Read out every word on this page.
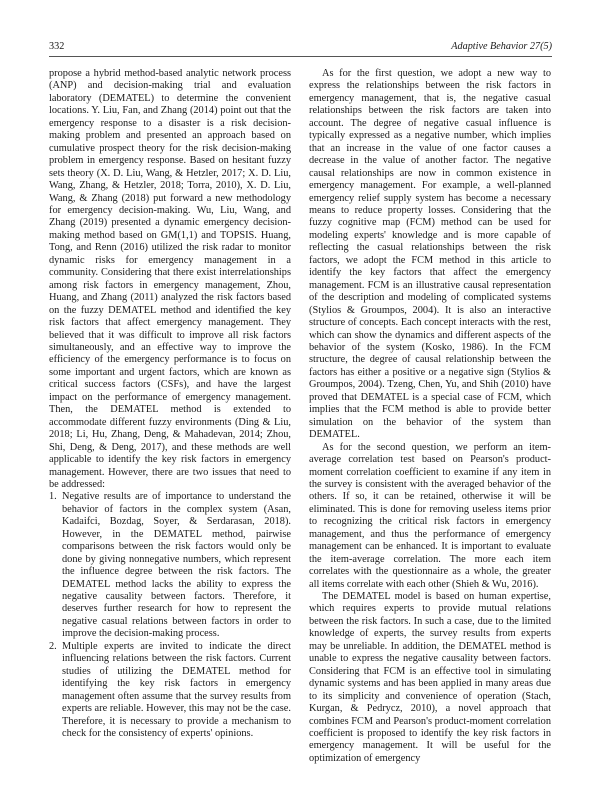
332	Adaptive Behavior 27(5)

propose a hybrid method-based analytic network process (ANP) and decision-making trial and evaluation laboratory (DEMATEL) to determine the convenient locations. Y. Liu, Fan, and Zhang (2014) point out that the emergency response to a disaster is a risk decision-making problem and presented an approach based on cumulative prospect theory for the risk decision-making problem in emergency response. Based on hesitant fuzzy sets theory (X. D. Liu, Wang, & Hetzler, 2017; X. D. Liu, Wang, Zhang, & Hetzler, 2018; Torra, 2010), X. D. Liu, Wang, & Zhang (2018) put forward a new methodology for emergency decision-making. Wu, Liu, Wang, and Zhang (2019) presented a dynamic emergency decision-making method based on GM(1,1) and TOPSIS. Huang, Tong, and Renn (2016) utilized the risk radar to monitor dynamic risks for emergency management in a community. Considering that there exist interrelationships among risk factors in emergency management, Zhou, Huang, and Zhang (2011) analyzed the risk factors based on the fuzzy DEMATEL method and identified the key risk factors that affect emergency management. They believed that it was difficult to improve all risk factors simultaneously, and an effective way to improve the efficiency of the emergency performance is to focus on some important and urgent factors, which are known as critical success factors (CSFs), and have the largest impact on the performance of emergency management. Then, the DEMATEL method is extended to accommodate different fuzzy environments (Ding & Liu, 2018; Li, Hu, Zhang, Deng, & Mahadevan, 2014; Zhou, Shi, Deng, & Deng, 2017), and these methods are well applicable to identify the key risk factors in emergency management. However, there are two issues that need to be addressed:

1. Negative results are of importance to understand the behavior of factors in the complex system (Asan, Kadaifci, Bozdag, Soyer, & Serdarasan, 2018). However, in the DEMATEL method, pairwise comparisons between the risk factors would only be done by giving nonnegative numbers, which represent the influence degree between the risk factors. The DEMATEL method lacks the ability to express the negative causality between factors. Therefore, it deserves further research for how to represent the negative casual relations between factors in order to improve the decision-making process.
2. Multiple experts are invited to indicate the direct influencing relations between the risk factors. Current studies of utilizing the DEMATEL method for identifying the key risk factors in emergency management often assume that the survey results from experts are reliable. However, this may not be the case. Therefore, it is necessary to provide a mechanism to check for the consistency of experts' opinions.

As for the first question, we adopt a new way to express the relationships between the risk factors in emergency management, that is, the negative casual relationships between the risk factors are taken into account. The degree of negative casual influence is typically expressed as a negative number, which implies that an increase in the value of one factor causes a decrease in the value of another factor. The negative causal relationships are now in common existence in emergency management. For example, a well-planned emergency relief supply system has become a necessary means to reduce property losses. Considering that the fuzzy cognitive map (FCM) method can be used for modeling experts' knowledge and is more capable of reflecting the casual relationships between the risk factors, we adopt the FCM method in this article to identify the key factors that affect the emergency management. FCM is an illustrative causal representation of the description and modeling of complicated systems (Stylios & Groumpos, 2004). It is also an interactive structure of concepts. Each concept interacts with the rest, which can show the dynamics and different aspects of the behavior of the system (Kosko, 1986). In the FCM structure, the degree of causal relationship between the factors has either a positive or a negative sign (Stylios & Groumpos, 2004). Tzeng, Chen, Yu, and Shih (2010) have proved that DEMATEL is a special case of FCM, which implies that the FCM method is able to provide better simulation on the behavior of the system than DEMATEL.

As for the second question, we perform an item-average correlation test based on Pearson's product-moment correlation coefficient to examine if any item in the survey is consistent with the averaged behavior of the others. If so, it can be retained, otherwise it will be eliminated. This is done for removing useless items prior to recognizing the critical risk factors in emergency management, and thus the performance of emergency management can be enhanced. It is important to evaluate the item-average correlation. The more each item correlates with the questionnaire as a whole, the greater all items correlate with each other (Shieh & Wu, 2016).

The DEMATEL model is based on human expertise, which requires experts to provide mutual relations between the risk factors. In such a case, due to the limited knowledge of experts, the survey results from experts may be unreliable. In addition, the DEMATEL method is unable to express the negative causality between factors. Considering that FCM is an effective tool in simulating dynamic systems and has been applied in many areas due to its simplicity and convenience of operation (Stach, Kurgan, & Pedrycz, 2010), a novel approach that combines FCM and Pearson's product-moment correlation coefficient is proposed to identify the key risk factors in emergency management. It will be useful for the optimization of emergency
